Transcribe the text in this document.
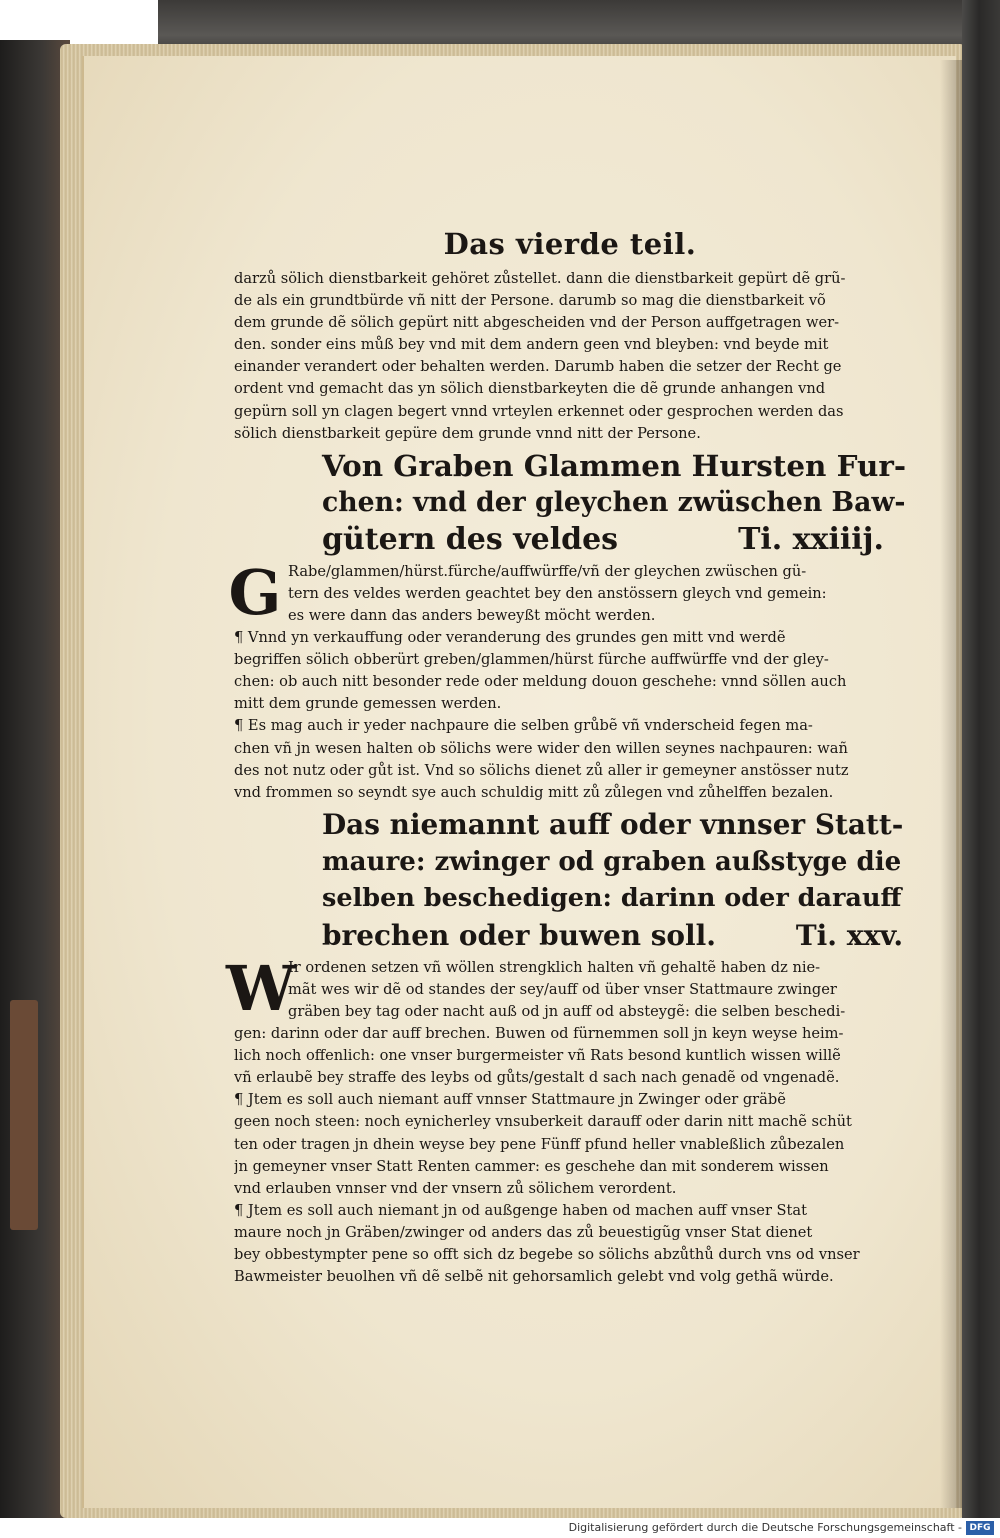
Das vierde teil.

darzů sölich dienstbarkeit gehöret zůstellet. dann die dienstbarkeit gepürt dẽ grũ-
de als ein grundtbürde vñ nitt der Persone. darumb so mag die dienstbarkeit võ
dem grunde dẽ sölich gepürt nitt abgescheiden vnd der Person auffgetragen wer-
den. sonder eins můß bey vnd mit dem andern geen vnd bleyben: vnd beyde mit
einander verandert oder behalten werden. Darumb haben die setzer der Recht ge
ordent vnd gemacht das yn sölich dienstbarkeyten die dẽ grunde anhangen vnd
gepürn soll yn clagen begert vnnd vrteylen erkennet oder gesprochen werden das
sölich dienstbarkeit gepüre dem grunde vnnd nitt der Persone.

Von Graben Glammen Hursten Fur-
chen: vnd der gleychen zwüschen Baw-
gütern des veldes	Ti. xxiiij.
G Rabe/glammen/hürst.fürche/auffwürffe/vñ der gleychen zwüschen gü-
tern des veldes werden geachtet bey den anstössern gleych vnd gemein:
es were dann das anders beweyßt möcht werden.

¶ Vnnd yn verkauffung oder veranderung des grundes gen mitt vnd werdẽ
begriffen sölich obberürt greben/glammen/hürst fürche auffwürffe vnd der gley-
chen: ob auch nitt besonder rede oder meldung douon geschehe: vnnd söllen auch
mitt dem grunde gemessen werden.

¶ Es mag auch ir yeder nachpaure die selben grůbẽ vñ vnderscheid fegen ma-
chen vñ jn wesen halten ob sölichs were wider den willen seynes nachpauren: wañ
des not nutz oder gůt ist. Vnd so sölichs dienet zů aller ir gemeyner anstösser nutz
vnd frommen so seyndt sye auch schuldig mitt zů zůlegen vnd zůhelffen bezalen.

Das niemannt auff oder vnnser Statt-
maure: zwinger od graben außstyge die
selben beschedigen: darinn oder darauff
brechen oder buwen soll.	Ti. xxv.
W

Ir ordenen setzen vñ wöllen strengklich halten vñ gehaltẽ haben dz nie-
mãt wes wir dẽ od standes der sey/auff od über vnser Stattmaure zwinger
gräben bey tag oder nacht auß od jn auff od absteygẽ: die selben beschedi-
gen: darinn oder dar auff brechen. Buwen od fürnemmen soll jn keyn weyse heim-
lich noch offenlich: one vnser burgermeister vñ Rats besond kuntlich wissen willẽ
vñ erlaubẽ bey straffe des leybs od gůts/gestalt d sach nach genadẽ od vngenadẽ.

¶ Jtem es soll auch niemant auff vnnser Stattmaure jn Zwinger oder gräbẽ
geen noch steen: noch eynicherley vnsuberkeit darauff oder darin nitt machẽ schüt
ten oder tragen jn dhein weyse bey pene Fünff pfund heller vnableßlich zůbezalen
jn gemeyner vnser Statt Renten cammer: es geschehe dan mit sonderem wissen
vnd erlauben vnnser vnd der vnsern zů sölichem verordent.

¶ Jtem es soll auch niemant jn od außgenge haben od machen auff vnser Stat
maure noch jn Gräben/zwinger od anders das zů beuestigũg vnser Stat dienet
bey obbestympter pene so offt sich dz begebe so sölichs abzůthů durch vns od vnser
Bawmeister beuolhen vñ dẽ selbẽ nit gehorsamlich gelebt vnd volg gethã würde.

Digitalisierung gefördert durch die Deutsche Forschungsgemeinschaft - DFG
